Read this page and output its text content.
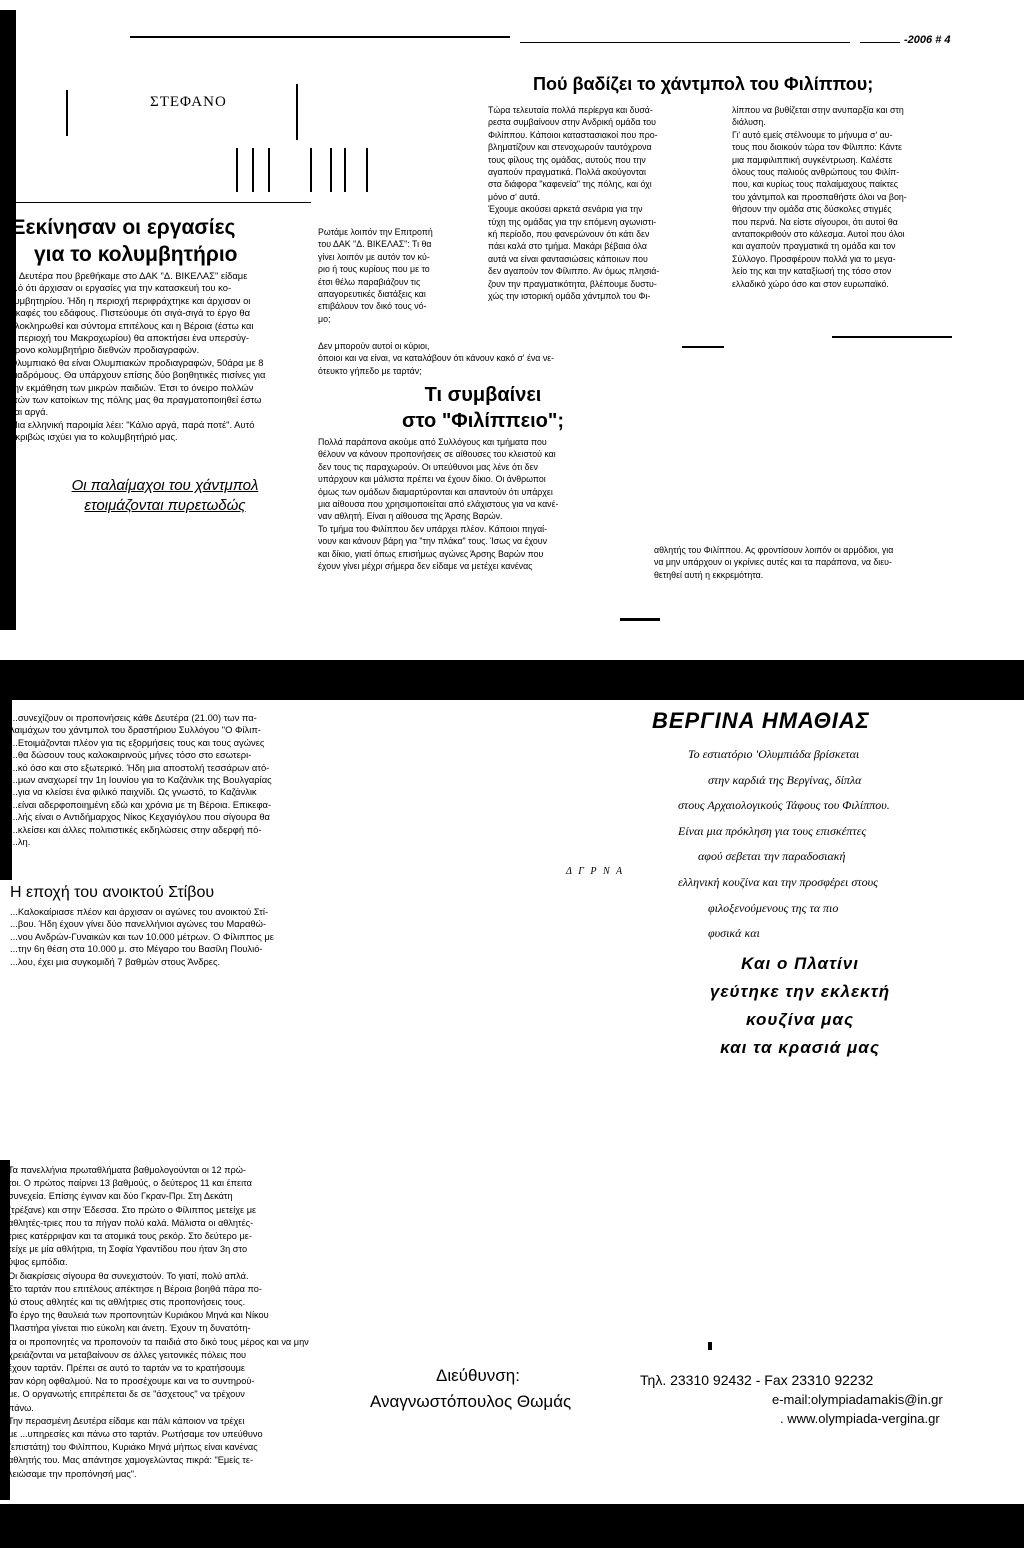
-2006 # 4
ΣΤΕΦΑΝΟ
Ξεκίνησαν οι εργασίες
για το κολυμβητήριο

Η Δευτέρα που βρεθήκαμε στο ΔΑΚ "Δ. ΒΙΚΕΛΑΣ" είδαμε

...ό ότι άρχισαν οι εργασίες για την κατασκευή του κο-

λυμβητηρίου. Ήδη η περιοχή περιφράχτηκε και άρχισαν οι

σκαφές του εδάφους. Πιστεύουμε ότι σιγά-σιγά το έργο θα

ολοκληρωθεί και σύντομα επιτέλους και η Βέροια (έστω και

η περιοχή του Μακροχωρίου) θα αποκτήσει ένα υπερσύγ-

χρονο κολυμβητήριο διεθνών προδιαγραφών.

Ολυμπιακό θα είναι Ολυμπιακών προδιαγραφών, 50άρα με 8

διαδρόμους. Θα υπάρχουν επίσης δύο βοηθητικές πισίνες για

την εκμάθηση των μικρών παιδιών. Έτσι το όνειρο πολλών

ετών των κατοίκων της πόλης μας θα πραγματοποιηθεί έστω

και αργά.

Μια ελληνική παροιμία λέει: "Κάλιο αργά, παρά ποτέ". Αυτό

ακριβώς ισχύει για το κολυμβητήριό μας.

Οι παλαίμαχοι του χάντμπολ
ετοιμάζονται πυρετωδώς
Πού βαδίζει το χάντμπολ του Φιλίππου;

Τώρα τελευταία πολλά περίεργα και δυσά-

ρεστα συμβαίνουν στην Ανδρική ομάδα του

Φιλίππου. Κάποιοι καταστασιακοί που προ-

βληματίζουν και στενοχωρούν ταυτόχρονα

τους φίλους της ομάδας, αυτούς που την

αγαπούν πραγματικά. Πολλά ακούγονται

στα διάφορα "καφενεία" της πόλης, και όχι

μόνο σ' αυτά.

Έχουμε ακούσει αρκετά σενάρια για την

τύχη της ομάδας για την επόμενη αγωνιστι-

κή περίοδο, που φανερώνουν ότι κάτι δεν

πάει καλά στο τμήμα. Μακάρι βέβαια όλα

αυτά να είναι φαντασιώσεις κάποιων που

δεν αγαπούν τον Φίλιππο. Αν όμως πλησιά-

ζουν την πραγματικότητα, βλέπουμε δυστυ-

χώς την ιστορική ομάδα χάντμπολ του Φι-

λίππου να βυθίζεται στην ανυπαρξία και στη

διάλυση.

Γι' αυτό εμείς στέλνουμε το μήνυμα σ' αυ-

τους που διοικούν τώρα τον Φίλιππο: Κάντε

μια παμφιλιππική συγκέντρωση. Καλέστε

όλους τους παλιούς ανθρώπους του Φιλίπ-

που, και κυρίως τους παλαίμαχους παίκτες

του χάντμπολ και προσπαθήστε όλοι να βοη-

θήσουν την ομάδα στις δύσκολες στιγμές

που περνά. Να είστε σίγουροι, ότι αυτοί θα

ανταποκριθούν στο κάλεσμα. Αυτοί που όλοι

και αγαπούν πραγματικά τη ομάδα και τον

Σύλλογο. Προσφέρουν πολλά για το μεγα-

λείο της και την καταξίωσή της τόσο στον

ελλαδικό χώρο όσο και στον ευρωπαϊκό.

Ρωτάμε λοιπόν την Επιτροπή

του ΔΑΚ "Δ. ΒΙΚΕΛΑΣ": Τι θα

γίνει λοιπόν με αυτόν τον κύ-

ριο ή τους κυρίους που με το

έτσι θέλω παραβιάζουν τις

απαγορευτικές διατάξεις και

επιβάλουν τον δικό τους νό-

μο;

Δεν μπορούν αυτοί οι κύριοι,

όποιοι και να είναι, να καταλάβουν ότι κάνουν κακό σ' ένα νε-

ότευκτο γήπεδο με ταρτάν;

Τι συμβαίνει
στο "Φιλίππειο";

Πολλά παράπονα ακούμε από Συλλόγους και τμήματα που

θέλουν να κάνουν προπονήσεις σε αίθουσες του κλειστού και

δεν τους τις παραχωρούν. Οι υπεύθυνοι μας λένε ότι δεν

υπάρχουν και μάλιστα πρέπει να έχουν δίκιο. Οι άνθρωποι

όμως των ομάδων διαμαρτύρονται και απαντούν ότι υπάρχει

μια αίθουσα που χρησιμοποιείται από ελάχιστους για να κανέ-

ναν αθλητή. Είναι η αίθουσα της Άρσης Βαρών.

Το τμήμα του Φιλίππου δεν υπάρχει πλέον. Κάποιοι πηγαί-

νουν και κάνουν βάρη για "την πλάκα" τους. Ίσως να έχουν

και δίκιο, γιατί όπως επισήμως αγώνες Άρσης Βαρών που

έχουν γίνει μέχρι σήμερα δεν είδαμε να μετέχει κανένας

αθλητής του Φιλίππου. Ας φροντίσουν λοιπόν οι αρμόδιοι, για

να μην υπάρχουν οι γκρίνιες αυτές και τα παράπονα, να διευ-

θετηθεί αυτή η εκκρεμότητα.

...συνεχίζουν οι προπονήσεις κάθε Δευτέρα (21.00) των πα-

λαιμάχων του χάντμπολ του δραστήριου Συλλόγου "Ο Φίλιπ-

...Ετοιμάζονται πλέον για τις εξορμήσεις τους και τους αγώνες

...θα δώσουν τους καλοκαιρινούς μήνες τόσο στο εσωτερι-

...κό όσο και στο εξωτερικό. Ήδη μια αποστολή τεσσάρων ατό-

...μων αναχωρεί την 1η Ιουνίου για το Καζάνλικ της Βουλγαρίας

...για να κλείσει ένα φιλικό παιχνίδι. Ως γνωστό, το Καζάνλικ

...είναι αδερφοποιημένη εδώ και χρόνια με τη Βέροια. Επικεφα-

...λής είναι ο Αντιδήμαρχος Νίκος Κεχαγιόγλου που σίγουρα θα

...κλείσει και άλλες πολιτιστικές εκδηλώσεις στην αδερφή πό-

...λη.

Η εποχή του ανοικτού Στίβου

...Καλοκαίριασε πλέον και άρχισαν οι αγώνες του ανοικτού Στί-

...βου. Ήδη έχουν γίνει δύο πανελλήνιοι αγώνες του Μαραθώ-

...νου Ανδρών-Γυναικών και των 10.000 μέτρων. Ο Φίλιππος με

...την 6η θέση στα 10.000 μ. στο Μέγαρο του Βασίλη Πουλιό-

...λου, έχει μια συγκομιδή 7 βαθμών στους Άνδρες.

ΒΕΡΓΙΝΑ ΗΜΑΘΙΑΣ
Το εστιατόριο 'Ολυμπιάδα βρίσκεται
στην καρδιά της Βεργίνας, δίπλα
στους Αρχαιολογικούς Τάφους του Φιλίππου.
Είναι μια πρόκληση για τους επισκέπτες
αφού σεβεται την παραδοσιακή
ελληνική κουζίνα και την προσφέρει στους
φιλοξενούμενους της τα πιο
φυσικά και
Δ Γ Ρ Ν Α
Και ο Πλατίνι
γεύτηκε την εκλεκτή
κουζίνα μας
και τα κρασιά μας

Τα πανελλήνια πρωταθλήματα βαθμολογούνται οι 12 πρώ-

τοι. Ο πρώτος παίρνει 13 βαθμούς, ο δεύτερος 11 και έπειτα

συνεχεία. Επίσης έγιναν και δύο Γκραν-Πρι. Στη Δεκάτη

(τρέξανε) και στην Έδεσσα. Στο πρώτο ο Φίλιππος μετείχε με

αθλητές-τριες που τα πήγαν πολύ καλά. Μάλιστα οι αθλητές-

τριες κατέρριψαν και τα ατομικά τους ρεκόρ. Στο δεύτερο με-

τείχε με μία αθλήτρια, τη Σοφία Υφαντίδου που ήταν 3η στο

ύψος εμπόδια.

Οι διακρίσεις σίγουρα θα συνεχιστούν. Το γιατί, πολύ απλά.

Στο ταρτάν που επιτέλους απέκτησε η Βέροια βοηθά πάρα πο-

λύ στους αθλητές και τις αθλήτριες στις προπονήσεις τους.

Το έργο της θαυλειά των προπονητών Κυριάκου Μηνά και Νίκου

Πλαστήρα γίνεται πιο εύκολη και άνετη. Έχουν τη δυνατότη-

τα οι προπονητές να προπονούν τα παιδιά στο δικό τους μέρος και να μην

χρειάζονται να μεταβαίνουν σε άλλες γειτονικές πόλεις που

έχουν ταρτάν. Πρέπει σε αυτό το ταρτάν να το κρατήσουμε

σαν κόρη οφθαλμού. Να το προσέχουμε και να το συντηρού-

με. Ο οργανωτής επιτρέπεται δε σε "άσχετους" να τρέχουν

πάνω.

Την περασμένη Δευτέρα είδαμε και πάλι κάποιον να τρέχει

με ...υπηρεσίες και πάνω στο ταρτάν. Ρωτήσαμε τον υπεύθυνο

(επιστάτη) του Φιλίππου, Κυριάκο Μηνά μήπως είναι κανένας

αθλητής του. Μας απάντησε χαμογελώντας πικρά: "Εμείς τε-

λειώσαμε την προπόνησή μας".

Διεύθυνση:
Αναγνωστόπουλος Θωμάς
Τηλ. 23310 92432 - Fax 23310 92232
e-mail:olympiadamakis@in.gr
. www.olympiada-vergina.gr
